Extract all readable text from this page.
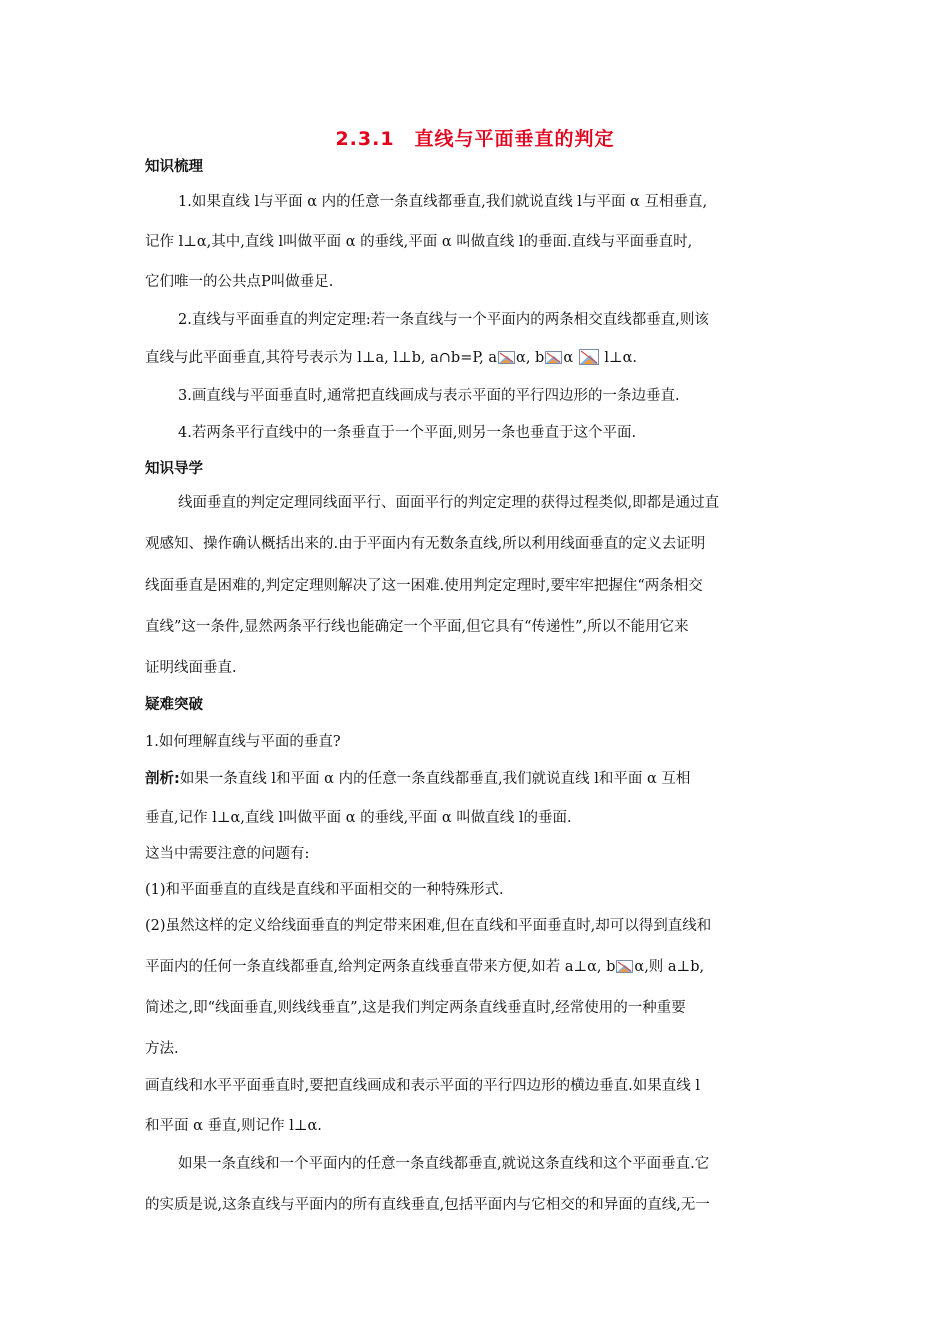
2.3.1　直线与平面垂直的判定
知识梳理
1.如果直线 l与平面 α 内的任意一条直线都垂直,我们就说直线 l与平面 α 互相垂直,
记作 l⊥α,其中,直线 l叫做平面 α 的垂线,平面 α 叫做直线 l的垂面.直线与平面垂直时,
它们唯一的公共点P叫做垂足.
2.直线与平面垂直的判定定理:若一条直线与一个平面内的两条相交直线都垂直,则该
直线与此平面垂直,其符号表示为 l⊥a, l⊥b, a∩b=P, a α, b α l⊥α.
3.画直线与平面垂直时,通常把直线画成与表示平面的平行四边形的一条边垂直.
4.若两条平行直线中的一条垂直于一个平面,则另一条也垂直于这个平面.
知识导学
线面垂直的判定定理同线面平行、面面平行的判定定理的获得过程类似,即都是通过直
观感知、操作确认概括出来的.由于平面内有无数条直线,所以利用线面垂直的定义去证明
线面垂直是困难的,判定定理则解决了这一困难.使用判定定理时,要牢牢把握住“两条相交
直线”这一条件,显然两条平行线也能确定一个平面,但它具有“传递性”,所以不能用它来
证明线面垂直.
疑难突破
1.如何理解直线与平面的垂直?
剖析:如果一条直线 l和平面 α 内的任意一条直线都垂直,我们就说直线 l和平面 α 互相
垂直,记作 l⊥α,直线 l叫做平面 α 的垂线,平面 α 叫做直线 l的垂面.
这当中需要注意的问题有:
(1)和平面垂直的直线是直线和平面相交的一种特殊形式.
(2)虽然这样的定义给线面垂直的判定带来困难,但在直线和平面垂直时,却可以得到直线和
平面内的任何一条直线都垂直,给判定两条直线垂直带来方便,如若 a⊥α, b α,则 a⊥b,
简述之,即“线面垂直,则线线垂直”,这是我们判定两条直线垂直时,经常使用的一种重要
方法.
画直线和水平平面垂直时,要把直线画成和表示平面的平行四边形的横边垂直.如果直线 l
和平面 α 垂直,则记作 l⊥α.
如果一条直线和一个平面内的任意一条直线都垂直,就说这条直线和这个平面垂直.它
的实质是说,这条直线与平面内的所有直线垂直,包括平面内与它相交的和异面的直线,无一
